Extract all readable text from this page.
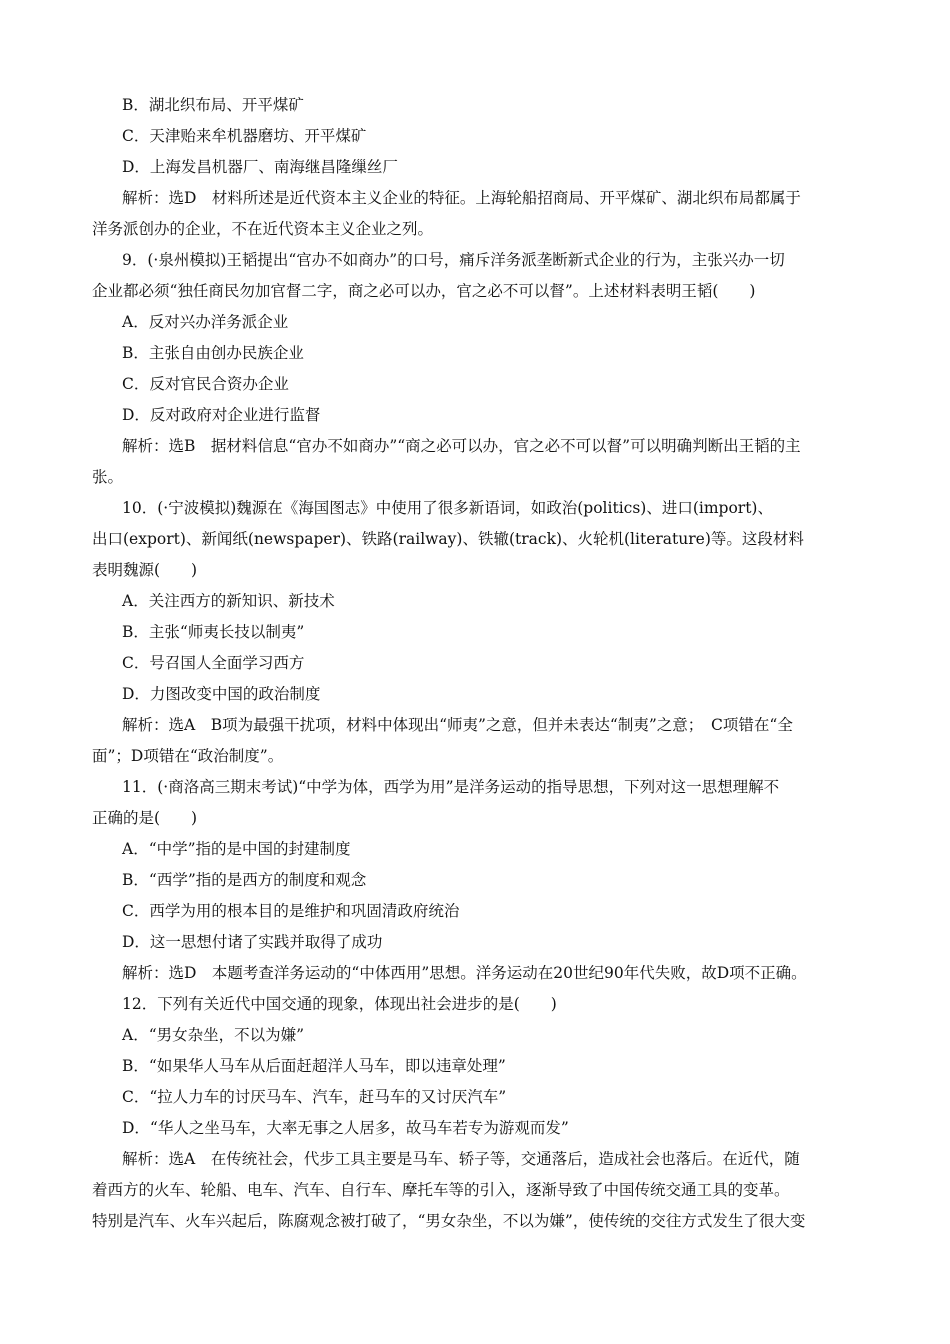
B．湖北织布局、开平煤矿
C．天津贻来牟机器磨坊、开平煤矿
D．上海发昌机器厂、南海继昌隆缫丝厂
解析：选D　材料所述是近代资本主义企业的特征。上海轮船招商局、开平煤矿、湖北织布局都属于
洋务派创办的企业，不在近代资本主义企业之列。
9．(·泉州模拟)王韬提出“官办不如商办”的口号，痛斥洋务派垄断新式企业的行为，主张兴办一切
企业都必须“独任商民勿加官督二字，商之必可以办，官之必不可以督”。上述材料表明王韬(　　)
A．反对兴办洋务派企业
B．主张自由创办民族企业
C．反对官民合资办企业
D．反对政府对企业进行监督
解析：选B　据材料信息“官办不如商办”“商之必可以办，官之必不可以督”可以明确判断出王韬的主
张。
10．(·宁波模拟)魏源在《海国图志》中使用了很多新语词，如政治(politics)、进口(import)、
出口(export)、新闻纸(newspaper)、铁路(railway)、铁辙(track)、火轮机(literature)等。这段材料
表明魏源(　　)
A．关注西方的新知识、新技术
B．主张“师夷长技以制夷”
C．号召国人全面学习西方
D．力图改变中国的政治制度
解析：选A　B项为最强干扰项，材料中体现出“师夷”之意，但并未表达“制夷”之意；　C项错在“全
面”；D项错在“政治制度”。
11．(·商洛高三期末考试)“中学为体，西学为用”是洋务运动的指导思想，下列对这一思想理解不
正确的是(　　)
A．“中学”指的是中国的封建制度
B．“西学”指的是西方的制度和观念
C．西学为用的根本目的是维护和巩固清政府统治
D．这一思想付诸了实践并取得了成功
解析：选D　本题考查洋务运动的“中体西用”思想。洋务运动在20世纪90年代失败，故D项不正确。
12．下列有关近代中国交通的现象，体现出社会进步的是(　　)
A．“男女杂坐，不以为嫌”
B．“如果华人马车从后面赶超洋人马车，即以违章处理”
C．“拉人力车的讨厌马车、汽车，赶马车的又讨厌汽车”
D．“华人之坐马车，大率无事之人居多，故马车若专为游观而发”
解析：选A　在传统社会，代步工具主要是马车、轿子等，交通落后，造成社会也落后。在近代，随
着西方的火车、轮船、电车、汽车、自行车、摩托车等的引入，逐渐导致了中国传统交通工具的变革。
特别是汽车、火车兴起后，陈腐观念被打破了，“男女杂坐，不以为嫌”，使传统的交往方式发生了很大变
